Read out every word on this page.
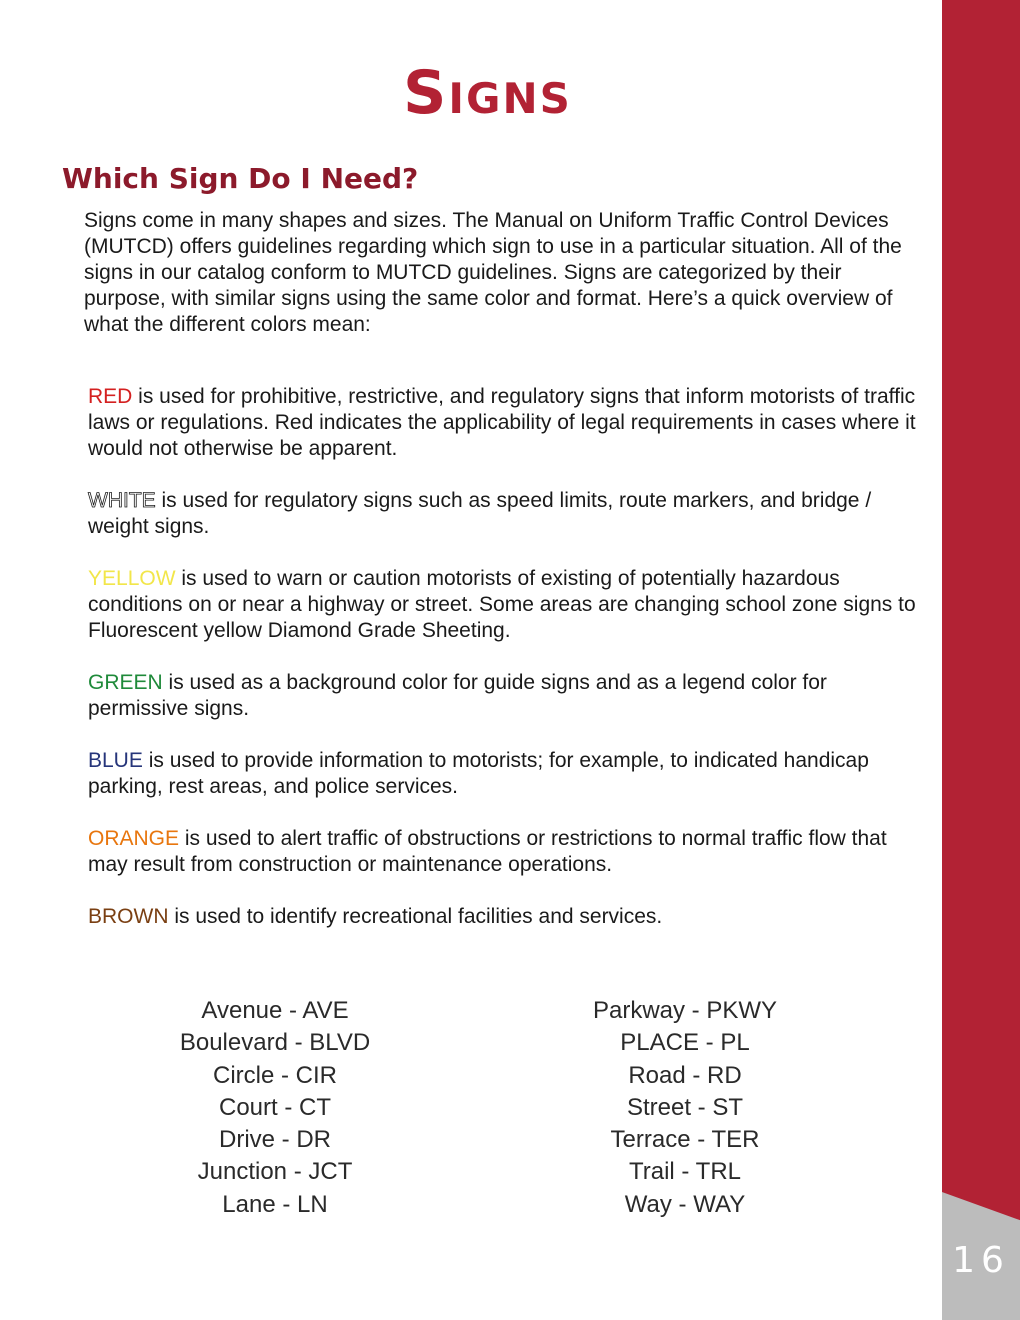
16
Signs
Which Sign Do I Need?

Signs come in many shapes and sizes. The Manual on Uniform Traffic Control Devices (MUTCD) offers guidelines regarding which sign to use in a particular situation. All of the signs in our catalog conform to MUTCD guidelines. Signs are categorized by their purpose, with similar signs using the same color and format. Here’s a quick overview of what the different colors mean:

RED is used for prohibitive, restrictive, and regulatory signs that inform motorists of traffic laws or regulations. Red indicates the applicability of legal requirements in cases where it would not otherwise be apparent.

WHITE is used for regulatory signs such as speed limits, route markers, and bridge / weight signs.

YELLOW is used to warn or caution motorists of existing of potentially hazardous conditions on or near a highway or street. Some areas are changing school zone signs to Fluorescent yellow Diamond Grade Sheeting.

GREEN is used as a background color for guide signs and as a legend color for permissive signs.

BLUE is used to provide information to motorists; for example, to indicated handicap parking, rest areas, and police services.

ORANGE is used to alert traffic of obstructions or restrictions to normal traffic flow that may result from construction or maintenance operations.

BROWN is used to identify recreational facilities and services.

Avenue - AVE
Boulevard - BLVD
Circle - CIR
Court - CT
Drive - DR
Junction - JCT
Lane - LN
Parkway - PKWY
PLACE - PL
Road - RD
Street - ST
Terrace - TER
Trail - TRL
Way - WAY
